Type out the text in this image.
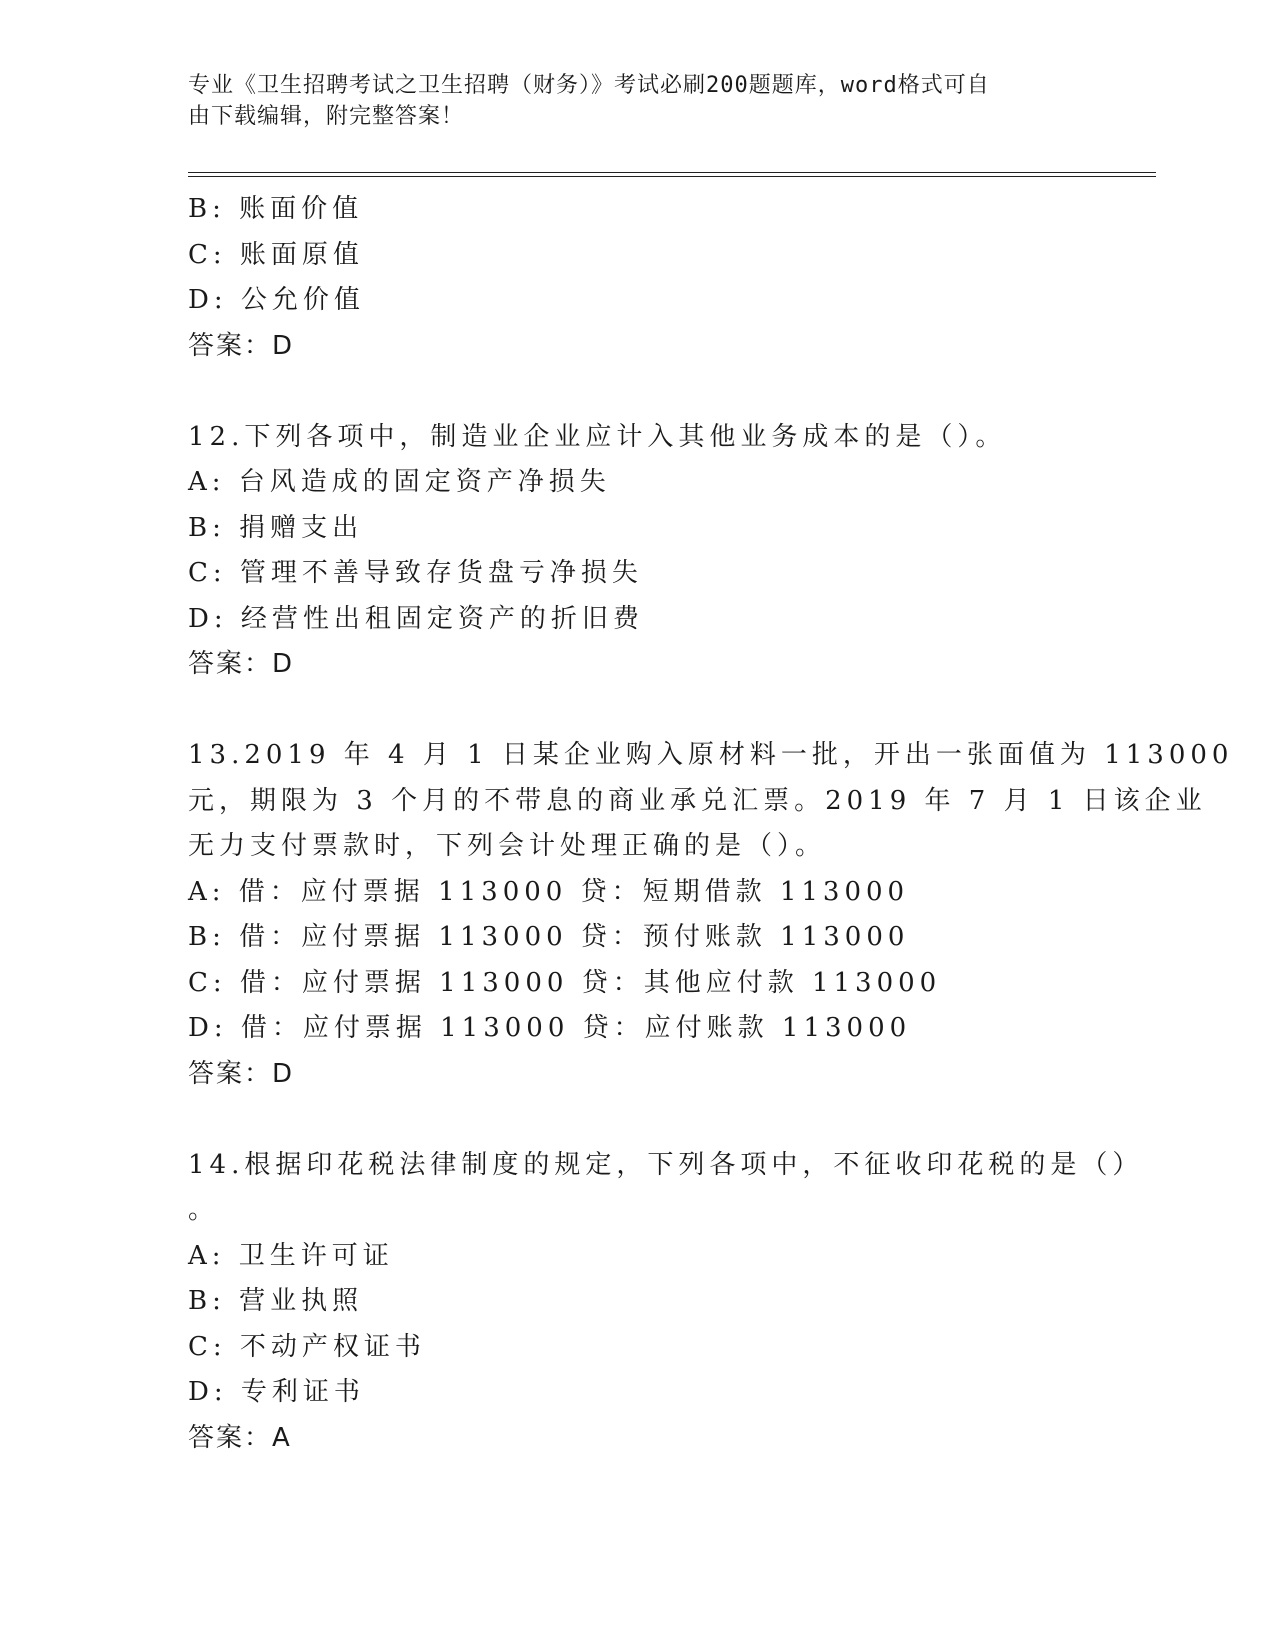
专业《卫生招聘考试之卫生招聘（财务）》考试必刷200题题库，word格式可自
由下载编辑，附完整答案！
B: 账面价值
C: 账面原值
D: 公允价值
答案：D
12.下列各项中，制造业企业应计入其他业务成本的是（）。
A: 台风造成的固定资产净损失
B: 捐赠支出
C: 管理不善导致存货盘亏净损失
D: 经营性出租固定资产的折旧费
答案：D
13.2019 年 4 月 1 日某企业购入原材料一批，开出一张面值为 113000
元，期限为 3 个月的不带息的商业承兑汇票。2019 年 7 月 1 日该企业
无力支付票款时，下列会计处理正确的是（）。
A: 借：应付票据 113000 贷：短期借款 113000
B: 借：应付票据 113000 贷：预付账款 113000
C: 借：应付票据 113000 贷：其他应付款 113000
D: 借：应付票据 113000 贷：应付账款 113000
答案：D
14.根据印花税法律制度的规定，下列各项中，不征收印花税的是（）
。
A: 卫生许可证
B: 营业执照
C: 不动产权证书
D: 专利证书
答案：A
